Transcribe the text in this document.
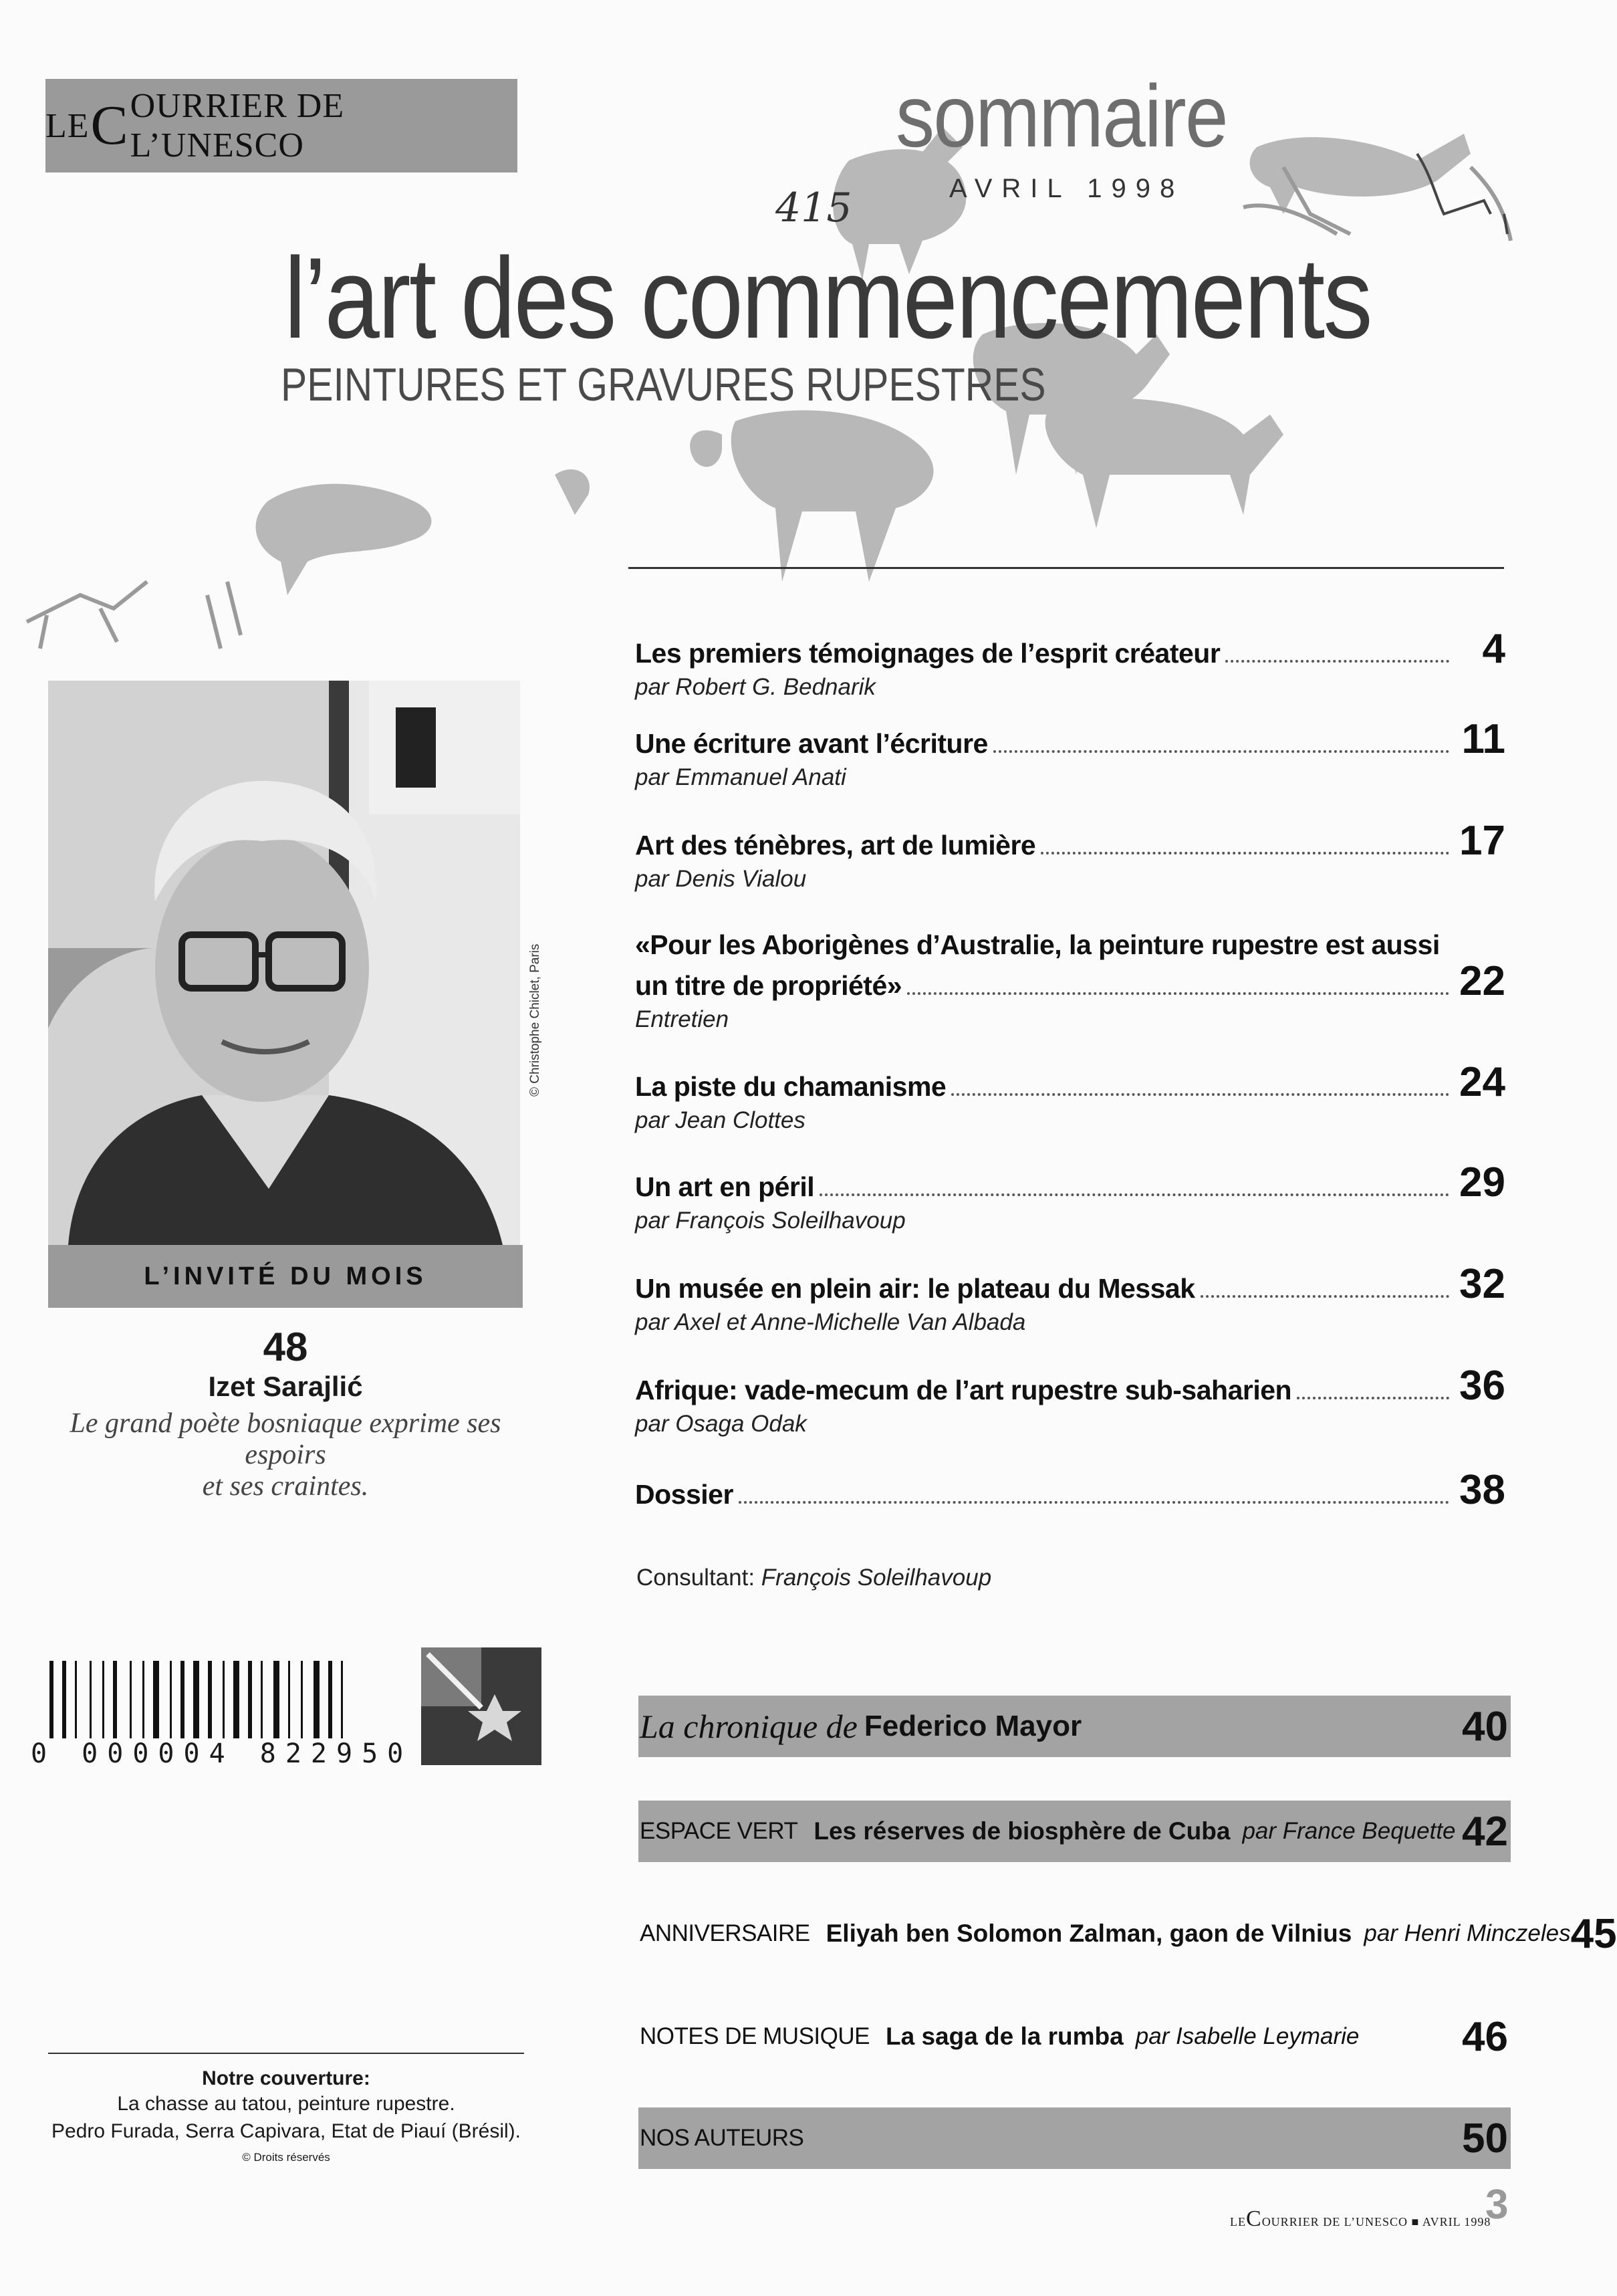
LE C OURRIER DE L’UNESCO	sommaire
415	AVRIL 1998
l’art des commencements
PEINTURES ET GRAVURES RUPESTRES
Les premiers témoignages de l’esprit créateur	4
par Robert G. Bednarik
Une écriture avant l’écriture	11
par Emmanuel Anati
Art des ténèbres, art de lumière	17
par Denis Vialou
«Pour les Aborigènes d’Australie, la peinture rupestre est aussi
un titre de propriété»	22
Entretien
La piste du chamanisme	24
par Jean Clottes
Un art en péril	29
par François Soleilhavoup
Un musée en plein air: le plateau du Messak	32
par Axel et Anne-Michelle Van Albada
Afrique: vade-mecum de l’art rupestre sub-saharien	36
par Osaga Odak
Dossier	38
Consultant: François Soleilhavoup
© Christophe Chiclet, Paris
L’INVITÉ DU MOIS
48
Izet Sarajlić
Le grand poète bosniaque exprime ses espoirs
et ses craintes.
0 000004 822950
La chronique de Federico Mayor	40
ESPACE VERT Les réserves de biosphère de Cuba par France Bequette 42
ANNIVERSAIRE Eliyah ben Solomon Zalman, gaon de Vilnius par Henri Minczeles 45
NOTES DE MUSIQUE La saga de la rumba par Isabelle Leymarie 46
NOS AUTEURS	50
Notre couverture:
La chasse au tatou, peinture rupestre.
Pedro Furada, Serra Capivara, Etat de Piauí (Brésil).
© Droits réservés
LECOURRIER DE L’UNESCO ■ AVRIL 1998
3
